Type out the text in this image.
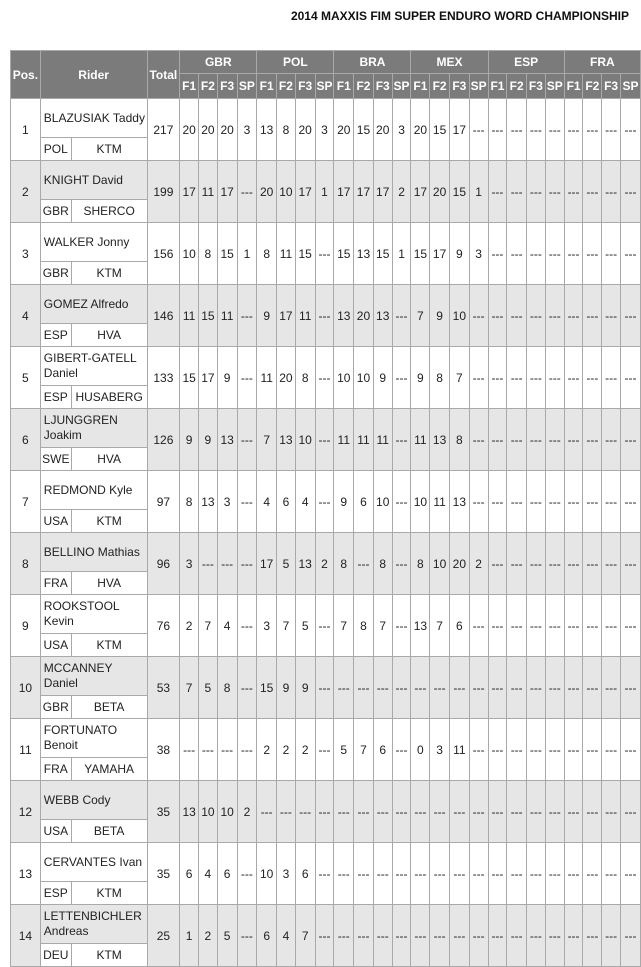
2014 MAXXIS FIM SUPER ENDURO WORD CHAMPIONSHIP
Pos.	Rider	Total	GBR				POL				BRA				MEX				ESP				FRA			
			F1	F2	F3	SP	F1	F2	F3	SP	F1	F2	F3	SP	F1	F2	F3	SP	F1	F2	F3	SP	F1	F2	F3	SP
1	BLAZUSIAK Taddy	217	20	20	20	3	13	8	20	3	20	15	20	3	20	15	17	---	---	---	---	---	---	---	---	---

	POL KTM																									

2	KNIGHT David	199	17	11	17	---	20	10	17	1	17	17	17	2	17	20	15	1	---	---	---	---	---	---	---	---

	GBR SHERCO																									

3	WALKER Jonny	156	10	8	15	1	8	11	15	---	15	13	15	1	15	17	9	3	---	---	---	---	---	---	---	---

	GBR KTM																									

4	GOMEZ Alfredo	146	11	15	11	---	9	17	11	---	13	20	13	---	7	9	10	---	---	---	---	---	---	---	---	---

	ESP HVA																									

5	GIBERT-GATELL Daniel	133	15	17	9	---	11	20	8	---	10	10	9	---	9	8	7	---	---	---	---	---	---	---	---	---

	ESP HUSABERG																									

6	LJUNGGREN Joakim	126	9	9	13	---	7	13	10	---	11	11	11	---	11	13	8	---	---	---	---	---	---	---	---	---

	SWE HVA																									

7	REDMOND Kyle	97	8	13	3	---	4	6	4	---	9	6	10	---	10	11	13	---	---	---	---	---	---	---	---	---

	USA KTM																									

8	BELLINO Mathias	96	3	---	---	---	17	5	13	2	8	---	8	---	8	10	20	2	---	---	---	---	---	---	---	---

	FRA HVA																									

9	ROOKSTOOL Kevin	76	2	7	4	---	3	7	5	---	7	8	7	---	13	7	6	---	---	---	---	---	---	---	---	---

	USA KTM																									

10	MCCANNEY Daniel	53	7	5	8	---	15	9	9	---	---	---	---	---	---	---	---	---	---	---	---	---	---	---	---	---

	GBR BETA																									

11	FORTUNATO Benoit	38	---	---	---	---	2	2	2	---	5	7	6	---	0	3	11	---	---	---	---	---	---	---	---	---

	FRA YAMAHA																									

12	WEBB Cody	35	13	10	10	2	---	---	---	---	---	---	---	---	---	---	---	---	---	---	---	---	---	---	---	---

	USA BETA																									

13	CERVANTES Ivan	35	6	4	6	---	10	3	6	---	---	---	---	---	---	---	---	---	---	---	---	---	---	---	---	---

	ESP KTM																									

14	LETTENBICHLER Andreas	25	1	2	5	---	6	4	7	---	---	---	---	---	---	---	---	---	---	---	---	---	---	---	---	---

	DEU KTM																									
